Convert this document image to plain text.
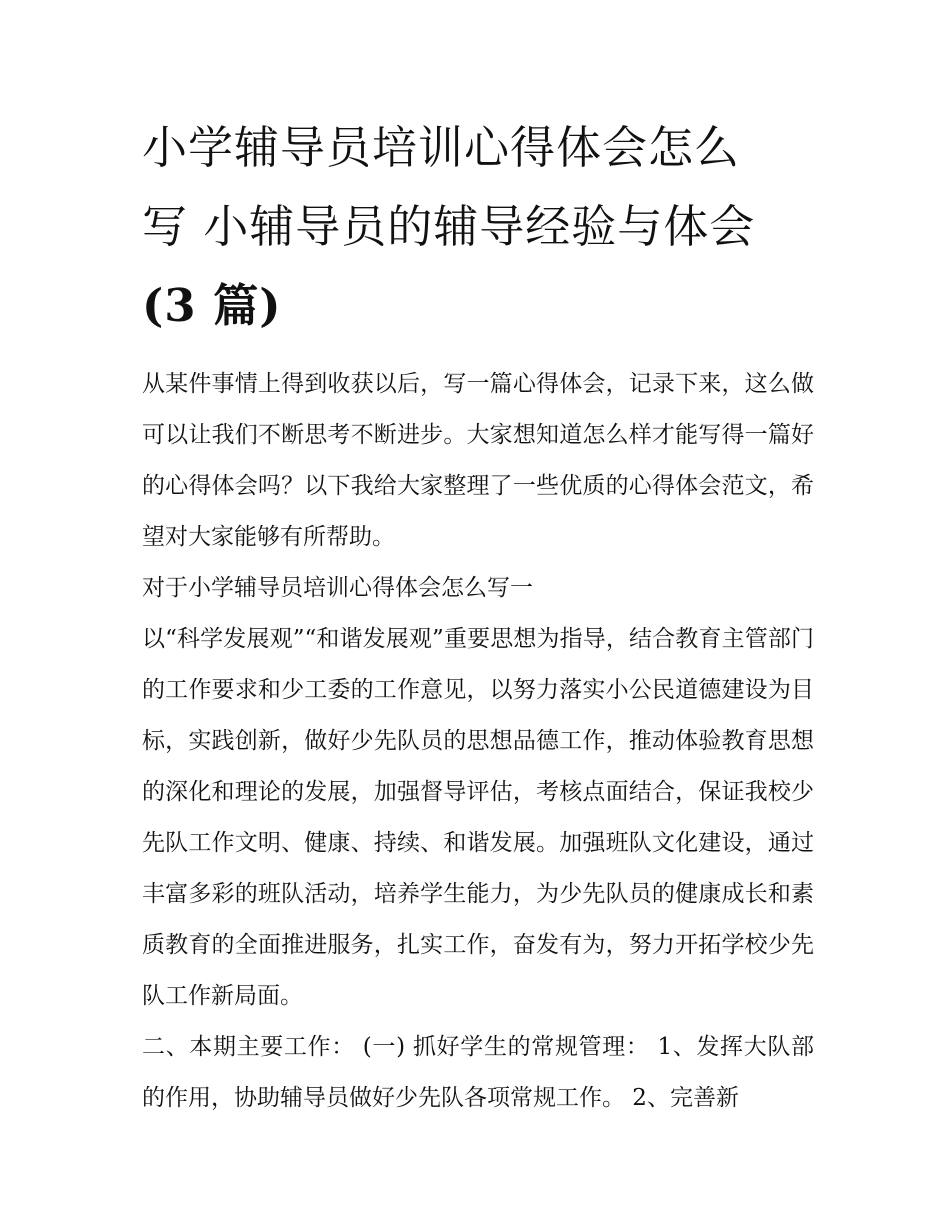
小学辅导员培训心得体会怎么
写 小辅导员的辅导经验与体会
(3 篇)

从某件事情上得到收获以后，写一篇心得体会，记录下来，这么做可以让我们不断思考不断进步。大家想知道怎么样才能写得一篇好的心得体会吗？以下我给大家整理了一些优质的心得体会范文，希望对大家能够有所帮助。

对于小学辅导员培训心得体会怎么写一

以“科学发展观”“和谐发展观”重要思想为指导，结合教育主管部门的工作要求和少工委的工作意见，以努力落实小公民道德建设为目标，实践创新，做好少先队员的思想品德工作，推动体验教育思想的深化和理论的发展，加强督导评估，考核点面结合，保证我校少先队工作文明、健康、持续、和谐发展。加强班队文化建设，通过丰富多彩的班队活动，培养学生能力，为少先队员的健康成长和素质教育的全面推进服务，扎实工作，奋发有为，努力开拓学校少先队工作新局面。

二、本期主要工作： (一) 抓好学生的常规管理： 1、发挥大队部的作用，协助辅导员做好少先队各项常规工作。 2、完善新
